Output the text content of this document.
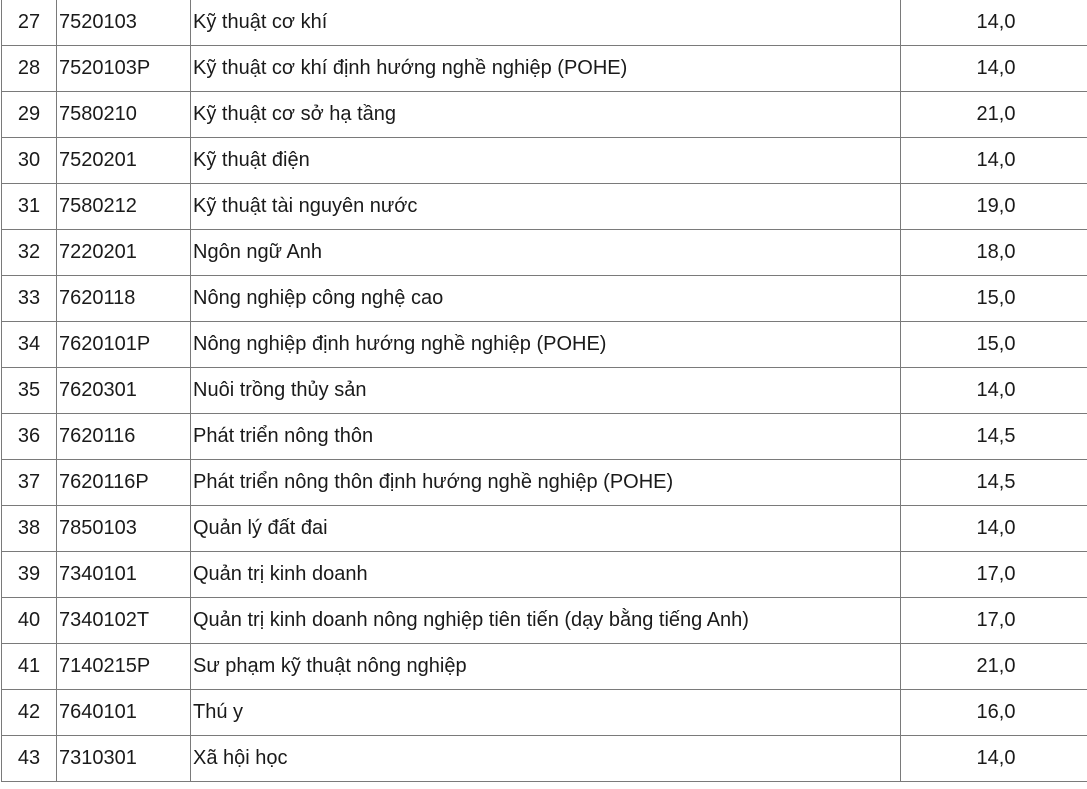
27	7520103	Kỹ thuật cơ khí	14,0
28	7520103P	Kỹ thuật cơ khí định hướng nghề nghiệp (POHE)	14,0
29	7580210	Kỹ thuật cơ sở hạ tầng	21,0
30	7520201	Kỹ thuật điện	14,0
31	7580212	Kỹ thuật tài nguyên nước	19,0
32	7220201	Ngôn ngữ Anh	18,0
33	7620118	Nông nghiệp công nghệ cao	15,0
34	7620101P	Nông nghiệp định hướng nghề nghiệp (POHE)	15,0
35	7620301	Nuôi trồng thủy sản	14,0
36	7620116	Phát triển nông thôn	14,5
37	7620116P	Phát triển nông thôn định hướng nghề nghiệp (POHE)	14,5
38	7850103	Quản lý đất đai	14,0
39	7340101	Quản trị kinh doanh	17,0
40	7340102T	Quản trị kinh doanh nông nghiệp tiên tiến (dạy bằng tiếng Anh)	17,0
41	7140215P	Sư phạm kỹ thuật nông nghiệp	21,0
42	7640101	Thú y	16,0
43	7310301	Xã hội học	14,0
